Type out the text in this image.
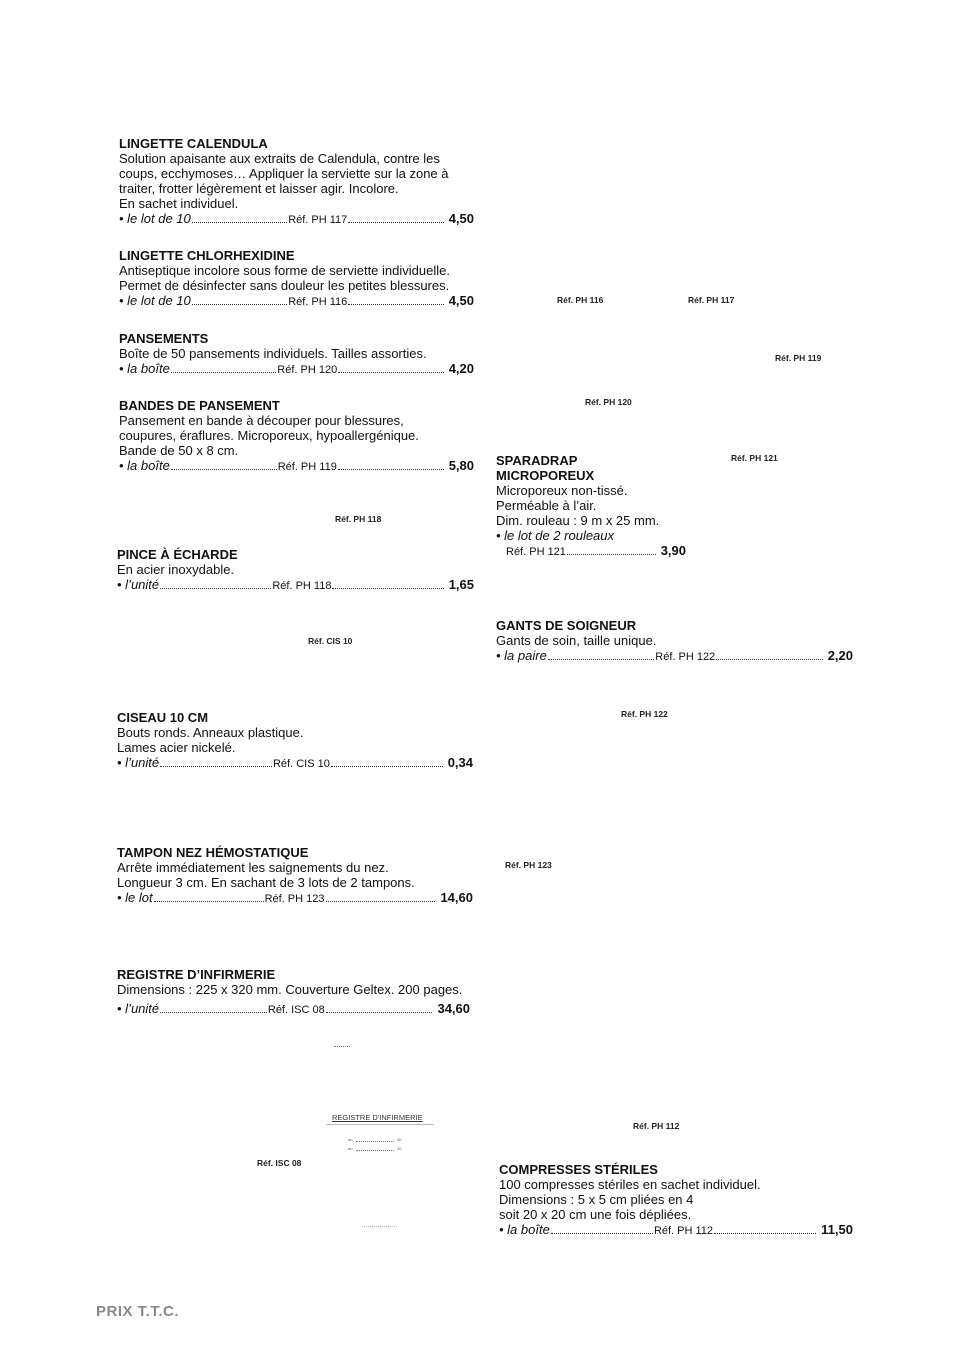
LINGETTE CALENDULA
Solution apaisante aux extraits de Calendula, contre les
coups, ecchymoses… Appliquer la serviette sur la zone à
traiter, frotter légèrement et laisser agir. Incolore.
En sachet individuel.
• le lot de 10	Réf. PH 117	4,50
LINGETTE CHLORHEXIDINE
Antiseptique incolore sous forme de serviette individuelle.
Permet de désinfecter sans douleur les petites blessures.
• le lot de 10	Réf. PH 116	4,50
PANSEMENTS
Boîte de 50 pansements individuels. Tailles assorties.
• la boîte	Réf. PH 120	4,20
BANDES DE PANSEMENT
Pansement en bande à découper pour blessures,
coupures, éraflures. Microporeux, hypoallergénique.
Bande de 50 x 8 cm.
• la boîte	Réf. PH 119	5,80
PINCE À ÉCHARDE
En acier inoxydable.
• l’unité	Réf. PH 118	1,65
CISEAU 10 CM
Bouts ronds. Anneaux plastique.
Lames acier nickelé.
• l’unité	Réf. CIS 10	0,34
TAMPON NEZ HÉMOSTATIQUE
Arrête immédiatement les saignements du nez.
Longueur 3 cm. En sachant de 3 lots de 2 tampons.
• le lot	Réf. PH 123	14,60
REGISTRE D’INFIRMERIE
Dimensions : 225 x 320 mm. Couverture Geltex. 200 pages.
• l’unité	Réf. ISC 08	34,60
SPARADRAP
MICROPOREUX
Microporeux non-tissé.
Perméable à l’air.
Dim. rouleau : 9 m x 25 mm.
• le lot de 2 rouleaux
Réf. PH 121	3,90
GANTS DE SOIGNEUR
Gants de soin, taille unique.
• la paire	Réf. PH 122	2,20
COMPRESSES STÉRILES
100 compresses stériles en sachet individuel.
Dimensions : 5 x 5 cm pliées en 4
soit 20 x 20 cm une fois dépliées.
• la boîte	Réf. PH 112	11,50
Réf. PH 116	Réf. PH 117
Réf. PH 119
Réf. PH 120
Réf. PH 121
Réf. PH 118
Réf. CIS 10
Réf. PH 122
Réf. PH 123
Réf. PH 112
Réf. ISC 08
REGISTRE D'INFIRMERIE
du	20
au	20
PRIX T.T.C.
